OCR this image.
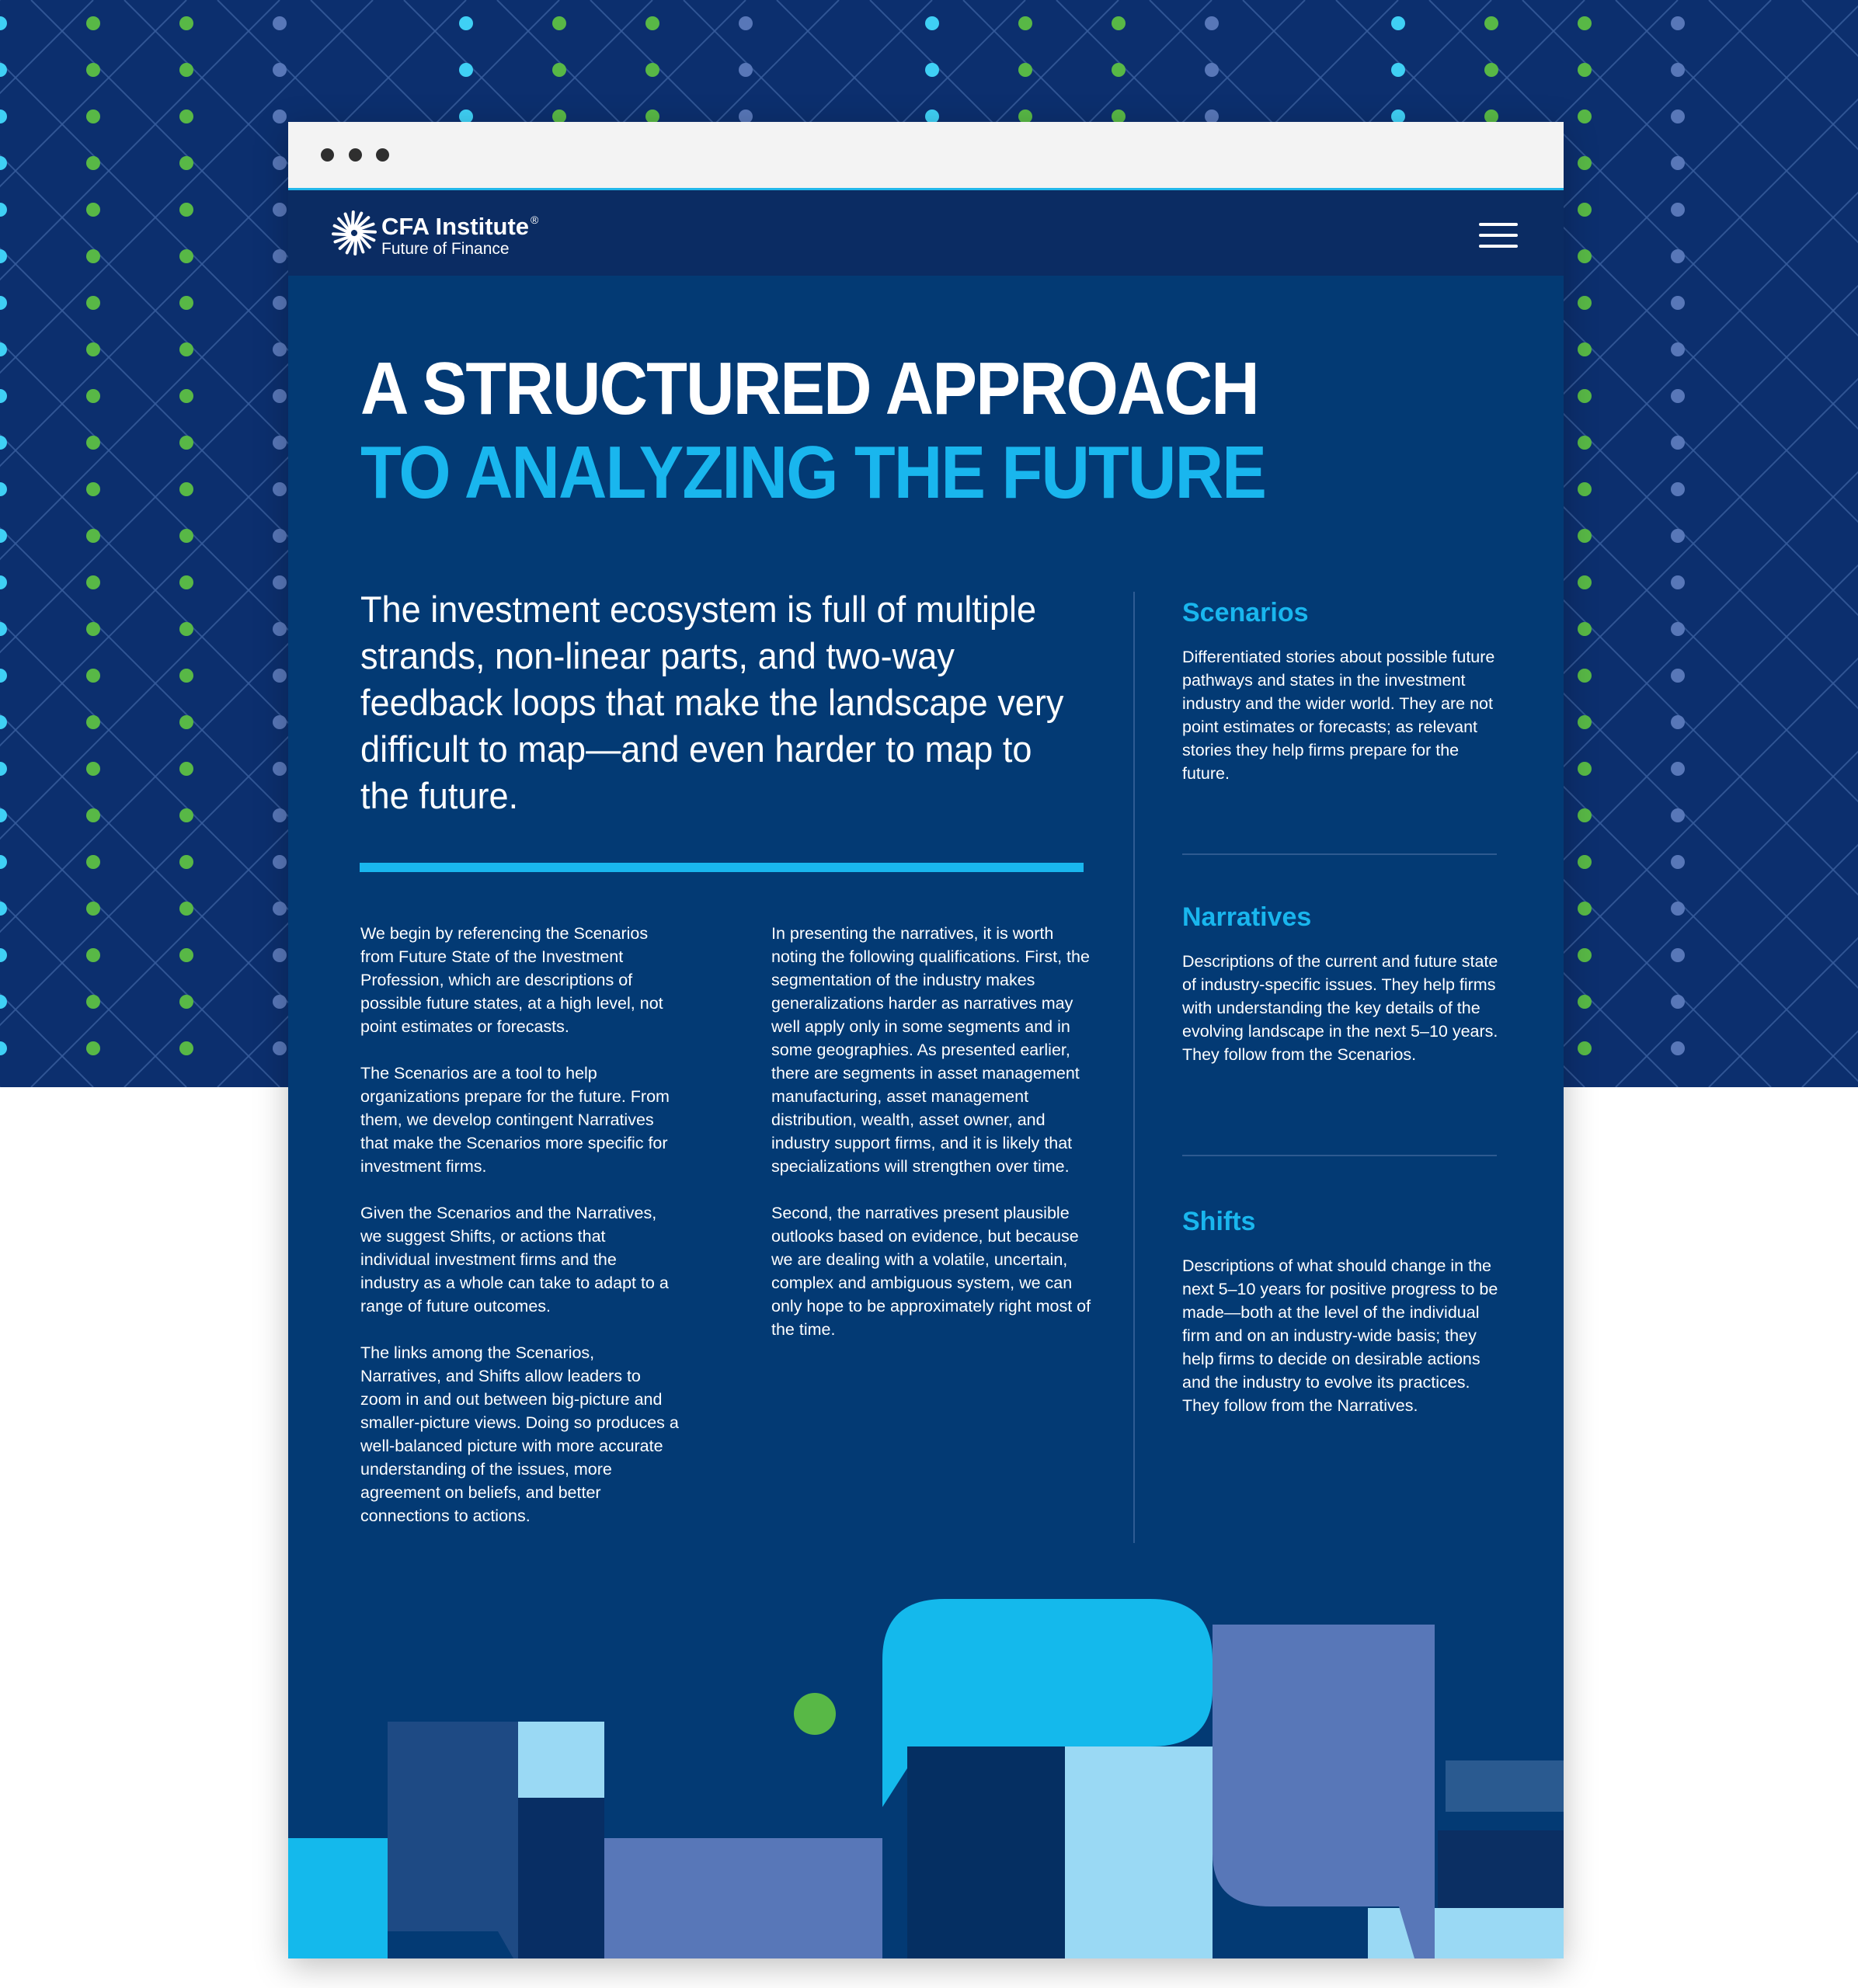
CFA Institute ®
Future of Finance
A STRUCTURED APPROACH
TO ANALYZING THE FUTURE

The investment ecosystem is full of multiple strands, non-linear parts, and two-way feedback loops that make the landscape very difficult to map—and even harder to map to the future.

We begin by referencing the Scenarios from Future State of the Investment Profession, which are descriptions of possible future states, at a high level, not point estimates or forecasts.

The Scenarios are a tool to help organizations prepare for the future. From them, we develop contingent Narratives that make the Scenarios more specific for investment firms.

Given the Scenarios and the Narratives, we suggest Shifts, or actions that individual investment firms and the industry as a whole can take to adapt to a range of future outcomes.

The links among the Scenarios, Narratives, and Shifts allow leaders to zoom in and out between big-picture and smaller-picture views. Doing so produces a well-balanced picture with more accurate understanding of the issues, more agreement on beliefs, and better connections to actions.

In presenting the narratives, it is worth noting the following qualifications. First, the segmentation of the industry makes generalizations harder as narratives may well apply only in some segments and in some geographies. As presented earlier, there are segments in asset management manufacturing, asset management distribution, wealth, asset owner, and industry support firms, and it is likely that specializations will strengthen over time.

Second, the narratives present plausible outlooks based on evidence, but because we are dealing with a volatile, uncertain, complex and ambiguous system, we can only hope to be approximately right most of the time.

Scenarios

Differentiated stories about possible future pathways and states in the investment industry and the wider world. They are not point estimates or forecasts; as relevant stories they help firms prepare for the future.

Narratives

Descriptions of the current and future state of industry-specific issues. They help firms with understanding the key details of the evolving landscape in the next 5–10 years. They follow from the Scenarios.

Shifts

Descriptions of what should change in the next 5–10 years for positive progress to be made—both at the level of the individual firm and on an industry-wide basis; they help firms to decide on desirable actions and the industry to evolve its practices. They follow from the Narratives.
